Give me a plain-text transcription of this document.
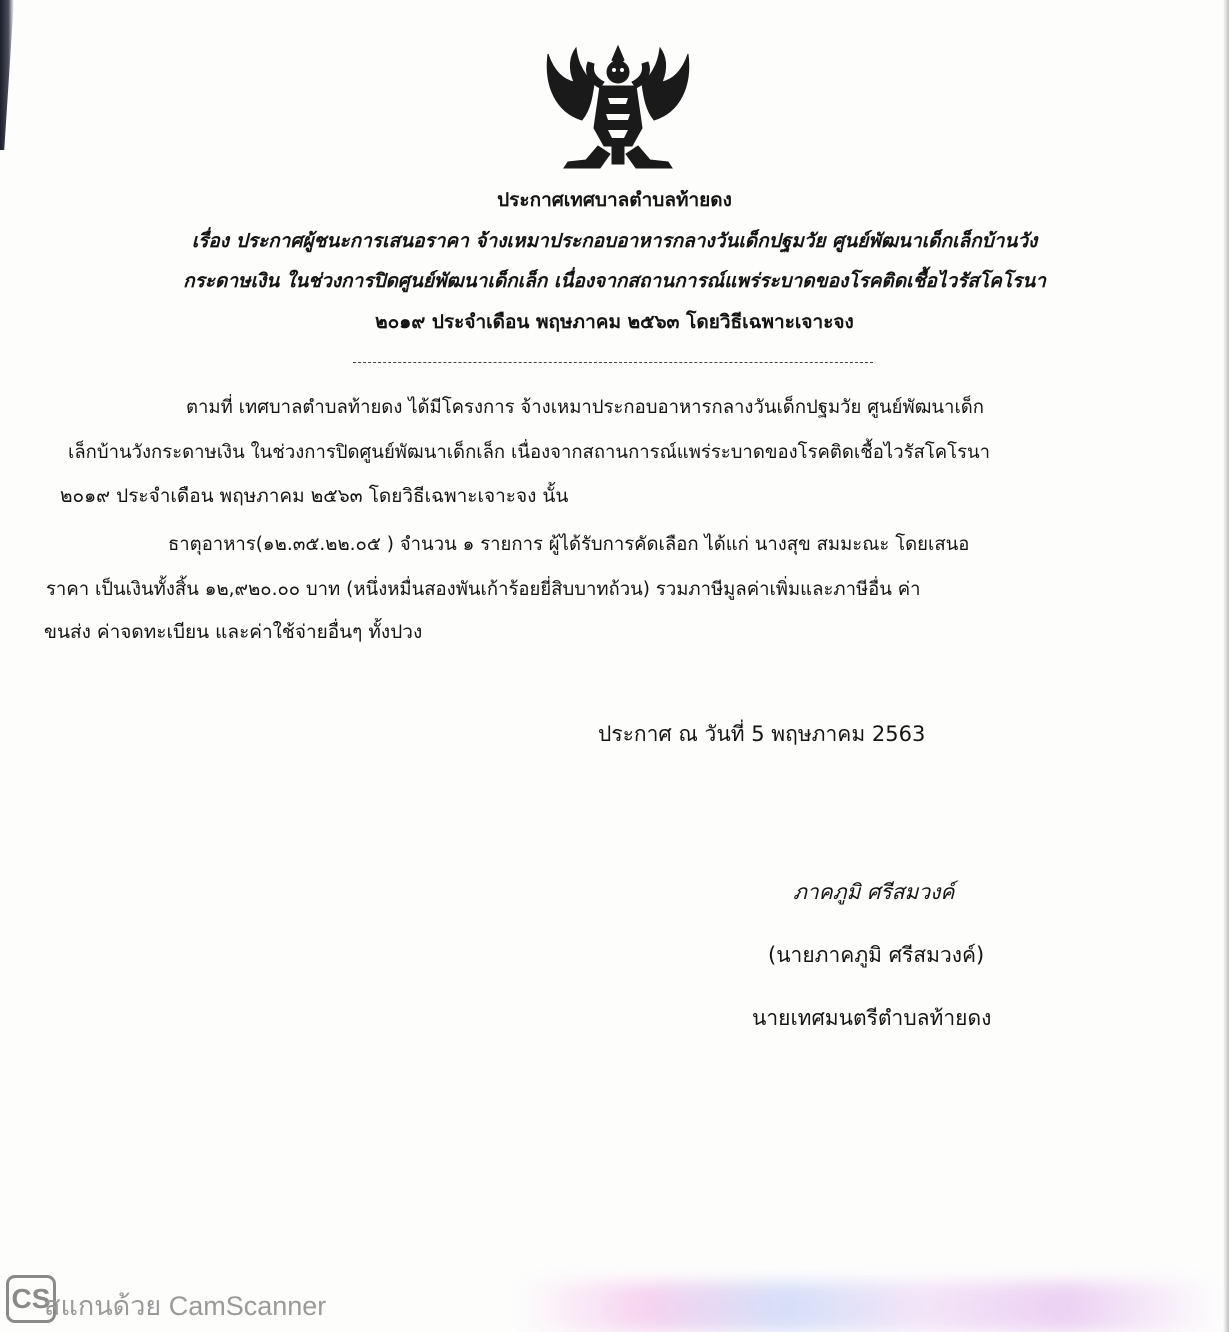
ประกาศเทศบาลตำบลท้ายดง
เรื่อง ประกาศผู้ชนะการเสนอราคา จ้างเหมาประกอบอาหารกลางวันเด็กปฐมวัย ศูนย์พัฒนาเด็กเล็กบ้านวัง
กระดาษเงิน ในช่วงการปิดศูนย์พัฒนาเด็กเล็ก เนื่องจากสถานการณ์แพร่ระบาดของโรคติดเชื้อไวรัสโคโรนา
๒๐๑๙ ประจำเดือน พฤษภาคม ๒๕๖๓ โดยวิธีเฉพาะเจาะจง
ตามที่ เทศบาลตำบลท้ายดง ได้มีโครงการ จ้างเหมาประกอบอาหารกลางวันเด็กปฐมวัย ศูนย์พัฒนาเด็ก
เล็กบ้านวังกระดาษเงิน ในช่วงการปิดศูนย์พัฒนาเด็กเล็ก เนื่องจากสถานการณ์แพร่ระบาดของโรคติดเชื้อไวรัสโคโรนา
๒๐๑๙ ประจำเดือน พฤษภาคม ๒๕๖๓ โดยวิธีเฉพาะเจาะจง นั้น
ธาตุอาหาร(๑๒.๓๕.๒๒.๐๕ ) จำนวน ๑ รายการ ผู้ได้รับการคัดเลือก ได้แก่ นางสุข สมมะณะ โดยเสนอ
ราคา เป็นเงินทั้งสิ้น ๑๒,๙๒๐.๐๐ บาท (หนึ่งหมื่นสองพันเก้าร้อยยี่สิบบาทถ้วน) รวมภาษีมูลค่าเพิ่มและภาษีอื่น ค่า
ขนส่ง ค่าจดทะเบียน และค่าใช้จ่ายอื่นๆ ทั้งปวง
ประกาศ ณ วันที่ 5 พฤษภาคม 2563
ภาคภูมิ ศรีสมวงค์
(นายภาคภูมิ ศรีสมวงค์)
นายเทศมนตรีตำบลท้ายดง
CS
สแกนด้วย CamScanner
